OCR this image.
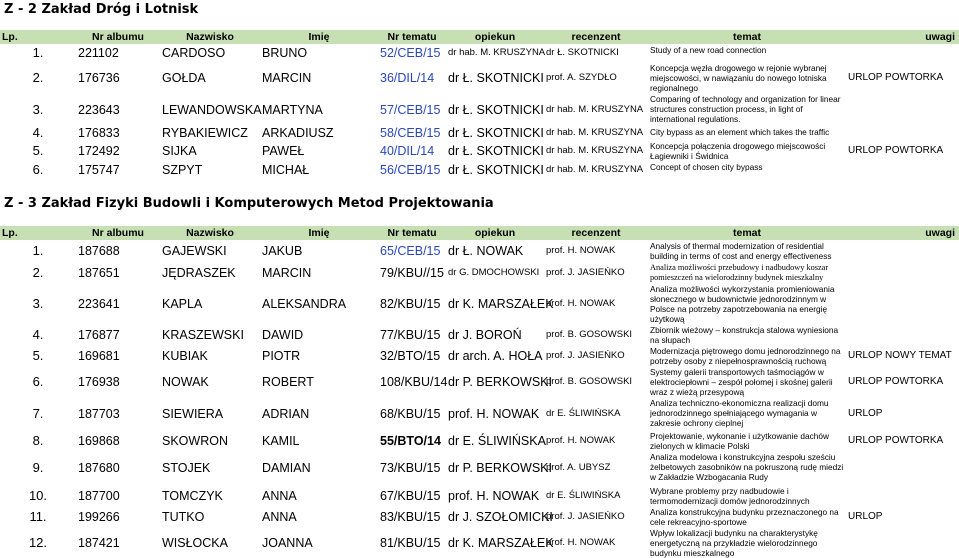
Z - 2 Zakład Dróg i Lotnisk
Lp.	Nr albumu	Nazwisko	Imię	Nr tematu	opiekun	recenzent	temat	uwagi
1.	221102	CARDOSO	BRUNO	52/CEB/15	dr hab. M. KRUSZYNA	dr Ł. SKOTNICKI	Study of a new road connection	
2.	176736	GOŁDA	MARCIN	36/DIL/14	dr Ł. SKOTNICKI	prof. A. SZYDŁO	Koncepcja węzła drogowego w rejonie wybranej miejscowości, w nawiązaniu do nowego lotniska regionalnego	URLOP POWTORKA
3.	223643	LEWANDOWSKA	MARTYNA	57/CEB/15	dr Ł. SKOTNICKI	dr hab. M. KRUSZYNA	Comparing of technology and organization for linear structures construction process, in light of international regulations.	
4.	176833	RYBAKIEWICZ	ARKADIUSZ	58/CEB/15	dr Ł. SKOTNICKI	dr hab. M. KRUSZYNA	City bypass as an element which takes the traffic	
5.	172492	SIJKA	PAWEŁ	40/DIL/14	dr Ł. SKOTNICKI	dr hab. M. KRUSZYNA	Koncepcja połączenia drogowego miejscowości Łagiewniki i Świdnica	URLOP POWTORKA
6.	175747	SZPYT	MICHAŁ	56/CEB/15	dr Ł. SKOTNICKI	dr hab. M. KRUSZYNA	Concept of chosen city bypass	
Z - 3 Zakład Fizyki Budowli i Komputerowych Metod Projektowania
Lp.	Nr albumu	Nazwisko	Imię	Nr tematu	opiekun	recenzent	temat	uwagi
1.	187688	GAJEWSKI	JAKUB	65/CEB/15	dr Ł. NOWAK	prof. H. NOWAK	Analysis of thermal modernization of residential building in terms of cost and energy effectiveness	
2.	187651	JĘDRASZEK	MARCIN	79/KBU//15	dr G. DMOCHOWSKI	prof. J. JASIEŃKO	Analiza możliwości przebudowy i nadbudowy koszar pomieszczeń na wielorodzinny budynek mieszkalny	
3.	223641	KAPLA	ALEKSANDRA	82/KBU/15	dr K. MARSZAŁEK	prof. H. NOWAK	Analiza możliwości wykorzystania promieniowania słonecznego w budownictwie jednorodzinnym w Polsce na potrzeby zapotrzebowania na energię użytkową	
4.	176877	KRASZEWSKI	DAWID	77/KBU/15	dr J. BOROŃ	prof. B. GOSOWSKI	Zbiornik wieżowy – konstrukcja stalowa wyniesiona na słupach	
5.	169681	KUBIAK	PIOTR	32/BTO/15	dr arch. A. HOŁA	prof. J. JASIEŃKO	Modernizacja piętrowego domu jednorodzinnego na potrzeby osoby z niepełnosprawnością ruchową	URLOP NOWY TEMAT
6.	176938	NOWAK	ROBERT	108/KBU/14	dr P. BERKOWSKI	prof. B. GOSOWSKI	Systemy galerii transportowych taśmociągów w elektrociepłowni – zespół połomej i skośnej galerii wraz z wieżą przesypową	URLOP POWTORKA
7.	187703	SIEWIERA	ADRIAN	68/KBU/15	prof. H. NOWAK	dr E. ŚLIWIŃSKA	Analiza techniczno-ekonomiczna realizacji domu jednorodzinnego spełniającego wymagania w zakresie ochrony cieplnej	URLOP
8.	169868	SKOWRON	KAMIL	55/BTO/14	dr E. ŚLIWIŃSKA	prof. H. NOWAK	Projektowanie, wykonanie i użytkowanie dachów zielonych w klimacie Polski	URLOP POWTORKA
9.	187680	STOJEK	DAMIAN	73/KBU/15	dr P. BERKOWSKI	prof. A. UBYSZ	Analiza modelowa i konstrukcyjna zespołu sześciu żelbetowych zasobników na pokruszoną rudę miedzi w Zakładzie Wzbogacania Rudy	
10.	187700	TOMCZYK	ANNA	67/KBU/15	prof. H. NOWAK	dr E. ŚLIWIŃSKA	Wybrane problemy przy nadbudowie i termomodernizacji domów jednorodzinnych	
11.	199266	TUTKO	ANNA	83/KBU/15	dr J. SZOŁOMICKI	prof. J. JASIEŃKO	Analiza konstrukcyjna budynku przeznaczonego na cele rekreacyjno-sportowe	URLOP
12.	187421	WISŁOCKA	JOANNA	81/KBU/15	dr K. MARSZAŁEK	prof. H. NOWAK	Wpływ lokalizacji budynku na charakterystykę energetyczną na przykładzie wielorodzinnego budynku mieszkalnego	
